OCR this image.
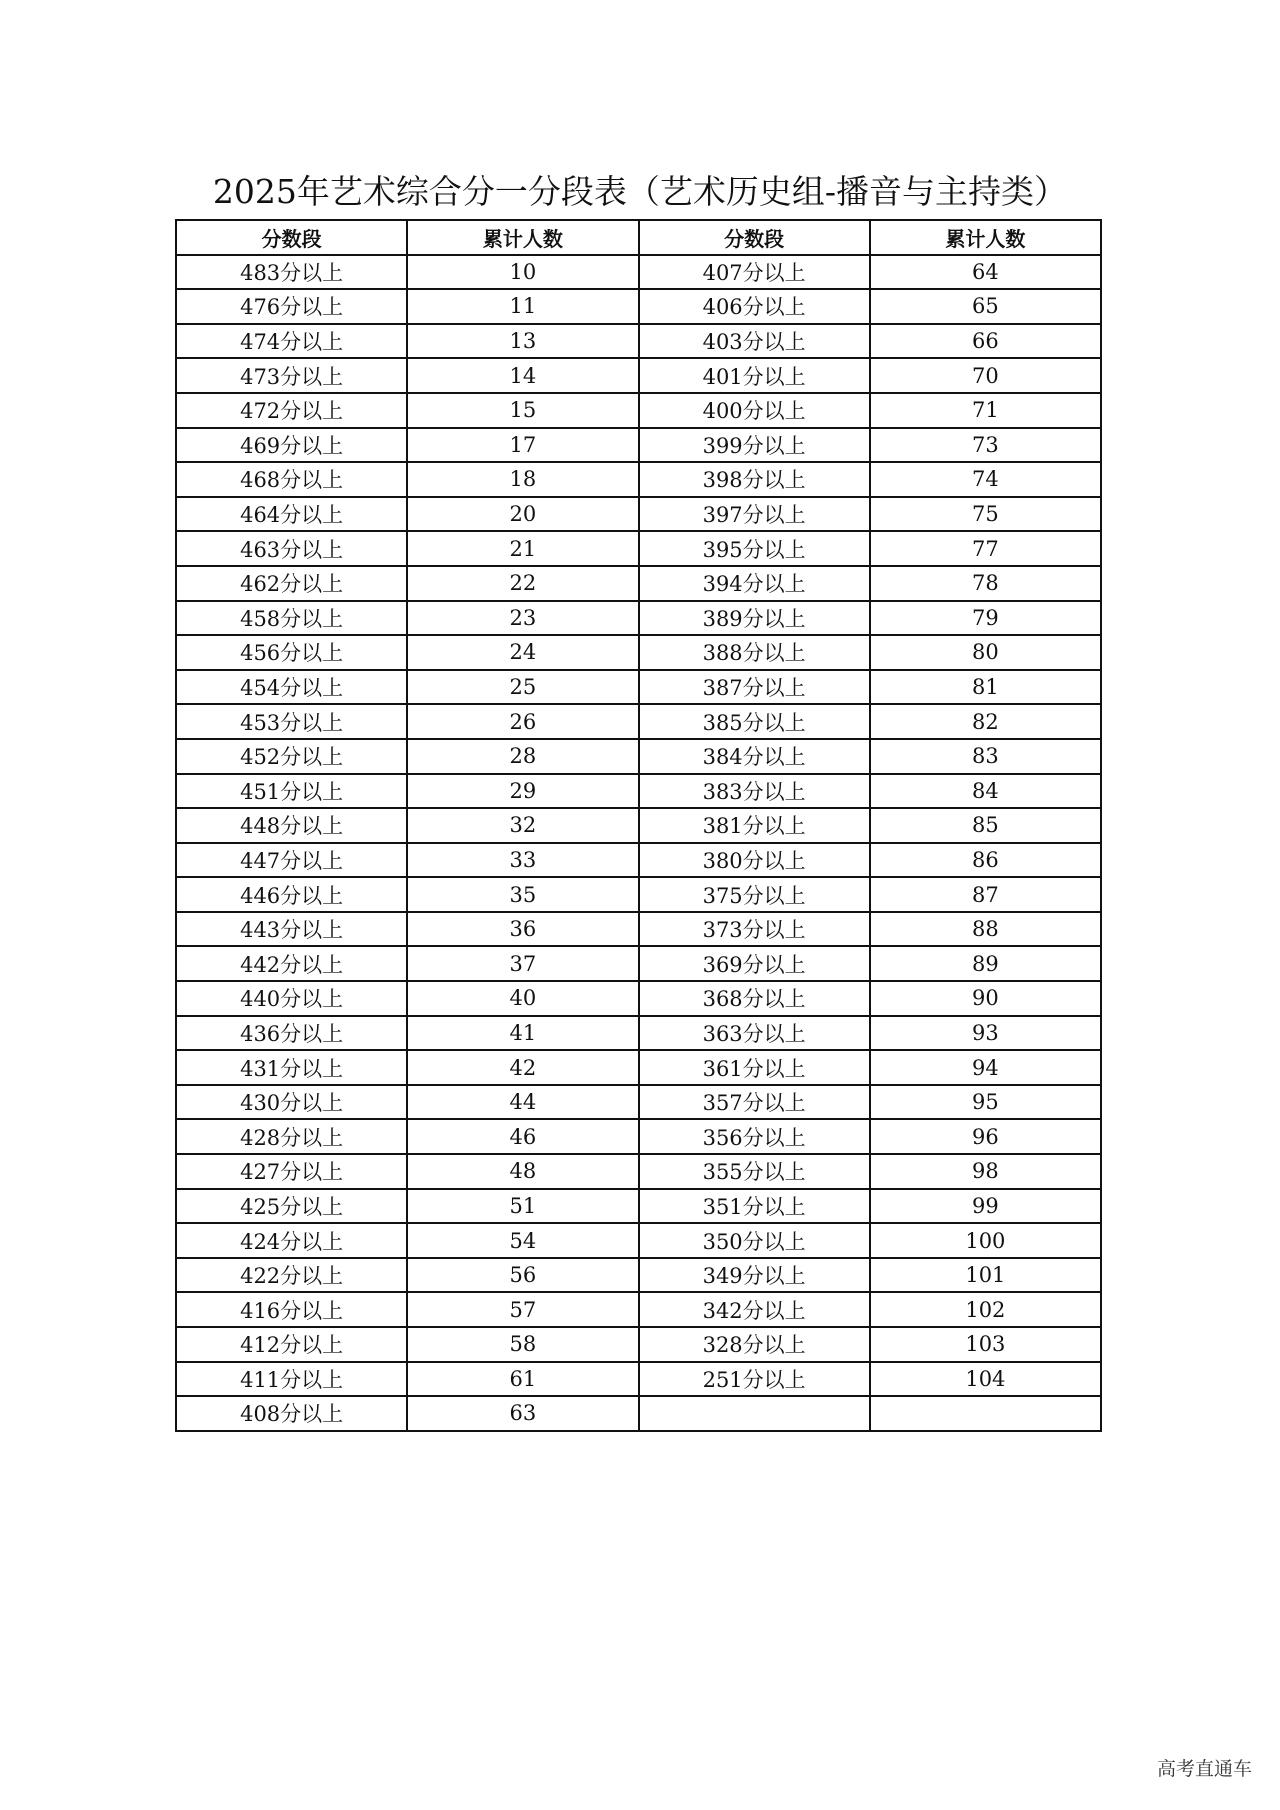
2025年艺术综合分一分段表（艺术历史组-播音与主持类）
分数段	累计人数	分数段	累计人数
483分以上	10	407分以上	64
476分以上	11	406分以上	65
474分以上	13	403分以上	66
473分以上	14	401分以上	70
472分以上	15	400分以上	71
469分以上	17	399分以上	73
468分以上	18	398分以上	74
464分以上	20	397分以上	75
463分以上	21	395分以上	77
462分以上	22	394分以上	78
458分以上	23	389分以上	79
456分以上	24	388分以上	80
454分以上	25	387分以上	81
453分以上	26	385分以上	82
452分以上	28	384分以上	83
451分以上	29	383分以上	84
448分以上	32	381分以上	85
447分以上	33	380分以上	86
446分以上	35	375分以上	87
443分以上	36	373分以上	88
442分以上	37	369分以上	89
440分以上	40	368分以上	90
436分以上	41	363分以上	93
431分以上	42	361分以上	94
430分以上	44	357分以上	95
428分以上	46	356分以上	96
427分以上	48	355分以上	98
425分以上	51	351分以上	99
424分以上	54	350分以上	100
422分以上	56	349分以上	101
416分以上	57	342分以上	102
412分以上	58	328分以上	103
411分以上	61	251分以上	104
408分以上	63		
高考直通车
